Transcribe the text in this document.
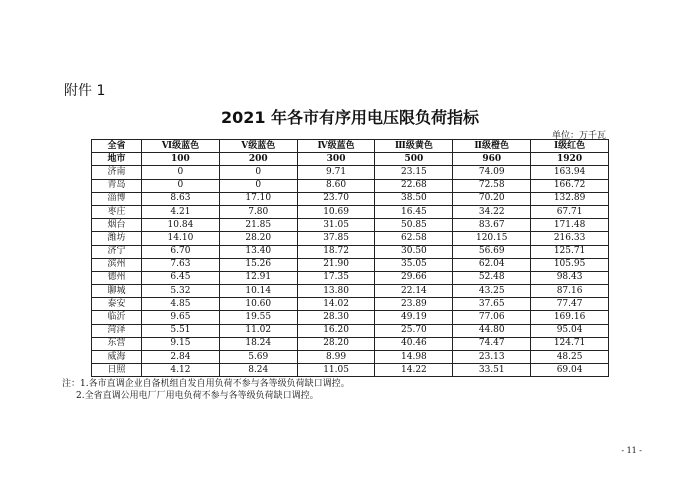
附件 1
2021 年各市有序用电压限负荷指标
单位：万千瓦
全省	Ⅵ级蓝色	Ⅴ级蓝色	Ⅳ级蓝色	Ⅲ级黄色	Ⅱ级橙色	Ⅰ级红色
地市	100	200	300	500	960	1920
济南	0	0	9.71	23.15	74.09	163.94
青岛	0	0	8.60	22.68	72.58	166.72
淄博	8.63	17.10	23.70	38.50	70.20	132.89
枣庄	4.21	7.80	10.69	16.45	34.22	67.71
烟台	10.84	21.85	31.05	50.85	83.67	171.48
潍坊	14.10	28.20	37.85	62.58	120.15	216.33
济宁	6.70	13.40	18.72	30.50	56.69	125.71
滨州	7.63	15.26	21.90	35.05	62.04	105.95
德州	6.45	12.91	17.35	29.66	52.48	98.43
聊城	5.32	10.14	13.80	22.14	43.25	87.16
泰安	4.85	10.60	14.02	23.89	37.65	77.47
临沂	9.65	19.55	28.30	49.19	77.06	169.16
菏泽	5.51	11.02	16.20	25.70	44.80	95.04
东营	9.15	18.24	28.20	40.46	74.47	124.71
威海	2.84	5.69	8.99	14.98	23.13	48.25
日照	4.12	8.24	11.05	14.22	33.51	69.04
注：1.各市直调企业自备机组自发自用负荷不参与各等级负荷缺口调控。
2.全省直调公用电厂厂用电负荷不参与各等级负荷缺口调控。
- 11 -
